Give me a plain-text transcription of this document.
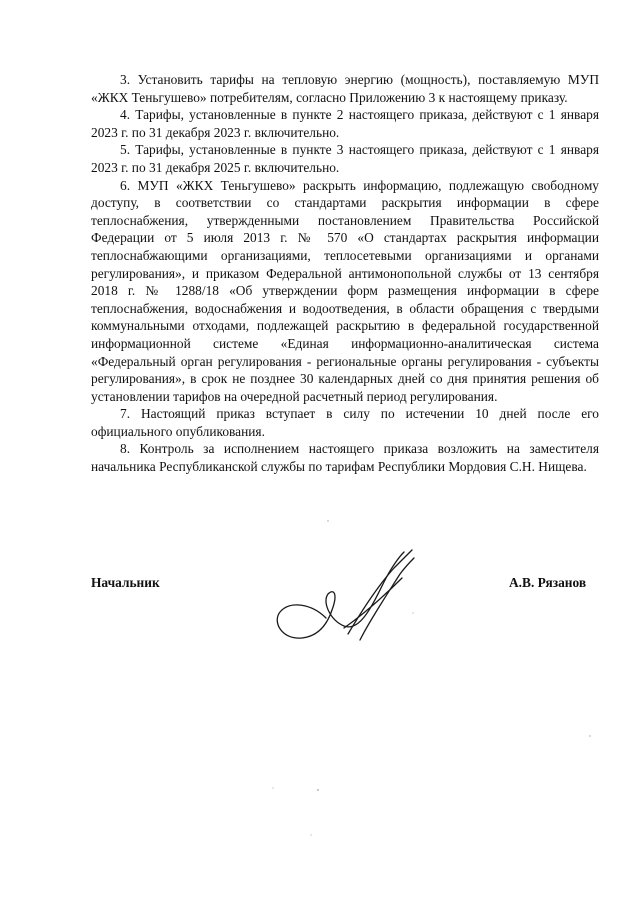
3. Установить тарифы на тепловую энергию (мощность), поставляемую МУП «ЖКХ Теньгушево» потребителям, согласно Приложению 3 к настоящему приказу.

4. Тарифы, установленные в пункте 2 настоящего приказа, действуют с 1 января 2023 г. по 31 декабря 2023 г. включительно.

5. Тарифы, установленные в пункте 3 настоящего приказа, действуют с 1 января 2023 г. по 31 декабря 2025 г. включительно.

6. МУП «ЖКХ Теньгушево» раскрыть информацию, подлежащую свободному доступу, в соответствии со стандартами раскрытия информации в сфере теплоснабжения, утвержденными постановлением Правительства Российской Федерации от 5 июля 2013 г. № 570 «О стандартах раскрытия информации теплоснабжающими организациями, теплосетевыми организациями и органами регулирования», и приказом Федеральной антимонопольной службы от 13 сентября 2018 г. № 1288/18 «Об утверждении форм размещения информации в сфере теплоснабжения, водоснабжения и водоотведения, в области обращения с твердыми коммунальными отходами, подлежащей раскрытию в федеральной государственной информационной системе «Единая информационно-аналитическая система «Федеральный орган регулирования - региональные органы регулирования - субъекты регулирования», в срок не позднее 30 календарных дней со дня принятия решения об установлении тарифов на очередной расчетный период регулирования.

7. Настоящий приказ вступает в силу по истечении 10 дней после его официального опубликования.

8. Контроль за исполнением настоящего приказа возложить на заместителя начальника Республиканской службы по тарифам Республики Мордовия С.Н. Нищева.

Начальник	А.В. Рязанов
